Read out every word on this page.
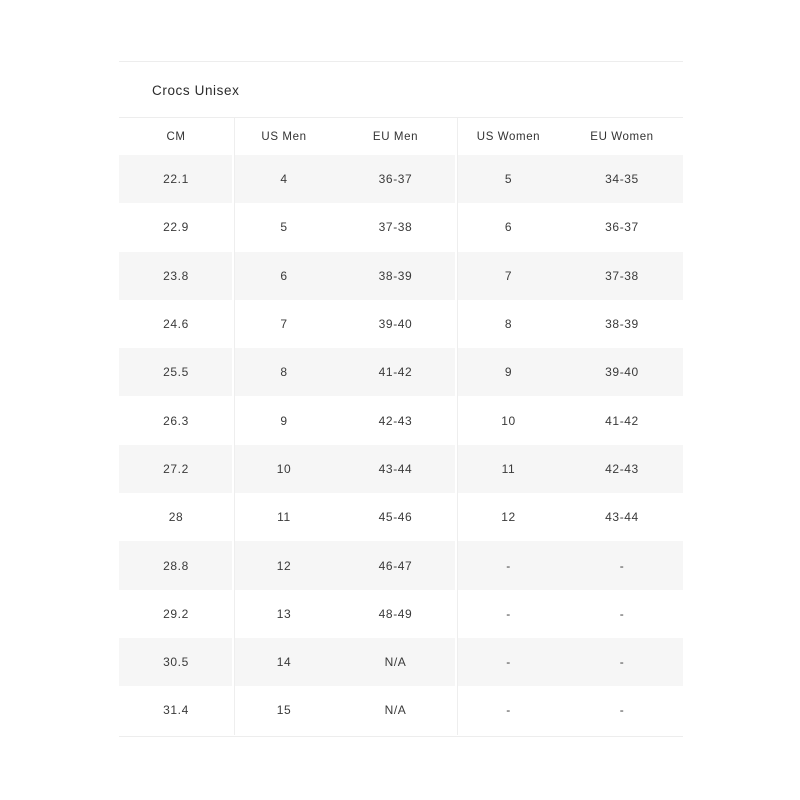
Crocs Unisex
CM	US Men	EU Men	US Women	EU Women
22.1	4	36-37	5	34-35
22.9	5	37-38	6	36-37
23.8	6	38-39	7	37-38
24.6	7	39-40	8	38-39
25.5	8	41-42	9	39-40
26.3	9	42-43	10	41-42
27.2	10	43-44	11	42-43
28	11	45-46	12	43-44
28.8	12	46-47	-	-
29.2	13	48-49	-	-
30.5	14	N/A	-	-
31.4	15	N/A	-	-
